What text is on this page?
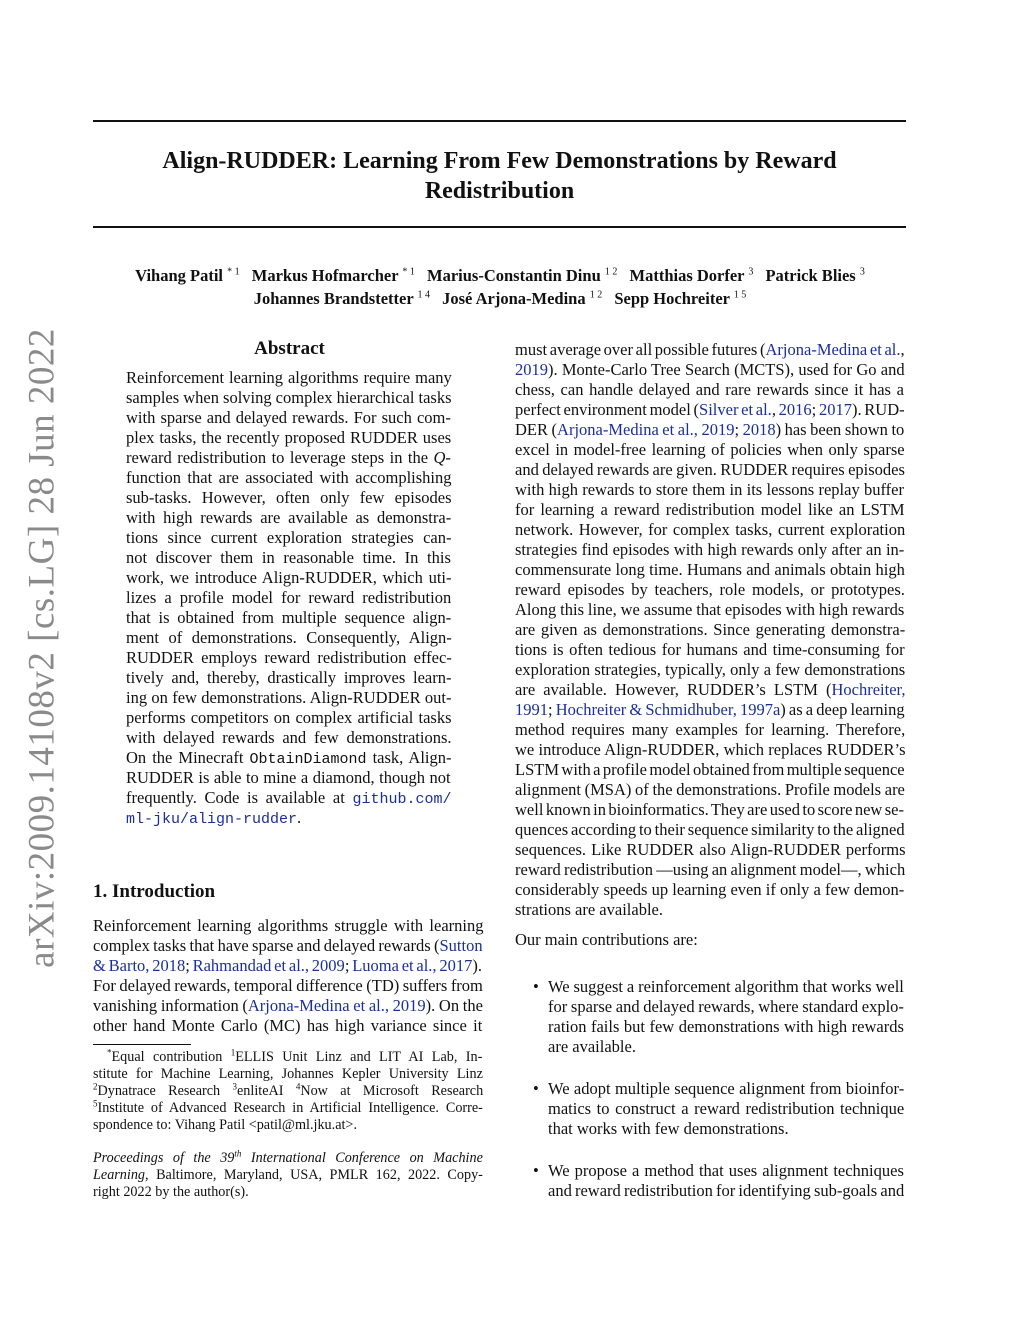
arXiv:2009.14108v2 [cs.LG] 28 Jun 2022
Align-RUDDER: Learning From Few Demonstrations by Reward
Redistribution
Vihang Patil $^{* 1}$ Markus Hofmarcher $^{* 1}$ Marius-Constantin Dinu $^{1 2}$ Matthias Dorfer $^3$ Patrick Blies $^3$
Johannes Brandstetter $^{1 4}$ José Arjona-Medina $^{1 2}$ Sepp Hochreiter $^{1 5}$
Abstract
Reinforcement learning algorithms require many
samples when solving complex hierarchical tasks
with sparse and delayed rewards. For such com-
plex tasks, the recently proposed RUDDER uses
reward redistribution to leverage steps in the Q-
function that are associated with accomplishing
sub-tasks. However, often only few episodes
with high rewards are available as demonstra-
tions since current exploration strategies can-
not discover them in reasonable time. In this
work, we introduce Align-RUDDER, which uti-
lizes a profile model for reward redistribution
that is obtained from multiple sequence align-
ment of demonstrations. Consequently, Align-
RUDDER employs reward redistribution effec-
tively and, thereby, drastically improves learn-
ing on few demonstrations. Align-RUDDER out-
performs competitors on complex artificial tasks
with delayed rewards and few demonstrations.
On the Minecraft ObtainDiamond task, Align-
RUDDER is able to mine a diamond, though not
frequently. Code is available at github.com/
ml-jku/align-rudder.
1. Introduction
Reinforcement learning algorithms struggle with learning
complex tasks that have sparse and delayed rewards (Sutton
& Barto, 2018; Rahmandad et al., 2009; Luoma et al., 2017).
For delayed rewards, temporal difference (TD) suffers from
vanishing information (Arjona-Medina et al., 2019). On the
other hand Monte Carlo (MC) has high variance since it
*Equal contribution $^1$ELLIS Unit Linz and LIT AI Lab, In-
stitute for Machine Learning, Johannes Kepler University Linz
$^2$Dynatrace Research $^3$enliteAI $^4$Now at Microsoft Research
$^5$Institute of Advanced Research in Artificial Intelligence. Corre-
spondence to: Vihang Patil <patil@ml.jku.at>.
Proceedings of the 39th International Conference on Machine
Learning, Baltimore, Maryland, USA, PMLR 162, 2022. Copy-
right 2022 by the author(s).
must average over all possible futures (Arjona-Medina et al.,
2019). Monte-Carlo Tree Search (MCTS), used for Go and
chess, can handle delayed and rare rewards since it has a
perfect environment model (Silver et al., 2016; 2017). RUD-
DER (Arjona-Medina et al., 2019; 2018) has been shown to
excel in model-free learning of policies when only sparse
and delayed rewards are given. RUDDER requires episodes
with high rewards to store them in its lessons replay buffer
for learning a reward redistribution model like an LSTM
network. However, for complex tasks, current exploration
strategies find episodes with high rewards only after an in-
commensurate long time. Humans and animals obtain high
reward episodes by teachers, role models, or prototypes.
Along this line, we assume that episodes with high rewards
are given as demonstrations. Since generating demonstra-
tions is often tedious for humans and time-consuming for
exploration strategies, typically, only a few demonstrations
are available. However, RUDDER’s LSTM (Hochreiter,
1991; Hochreiter & Schmidhuber, 1997a) as a deep learning
method requires many examples for learning. Therefore,
we introduce Align-RUDDER, which replaces RUDDER’s
LSTM with a profile model obtained from multiple sequence
alignment (MSA) of the demonstrations. Profile models are
well known in bioinformatics. They are used to score new se-
quences according to their sequence similarity to the aligned
sequences. Like RUDDER also Align-RUDDER performs
reward redistribution —using an alignment model—, which
considerably speeds up learning even if only a few demon-
strations are available.
Our main contributions are:
• We suggest a reinforcement algorithm that works well
for sparse and delayed rewards, where standard explo-
ration fails but few demonstrations with high rewards
are available.
• We adopt multiple sequence alignment from bioinfor-
matics to construct a reward redistribution technique
that works with few demonstrations.
• We propose a method that uses alignment techniques
and reward redistribution for identifying sub-goals and
